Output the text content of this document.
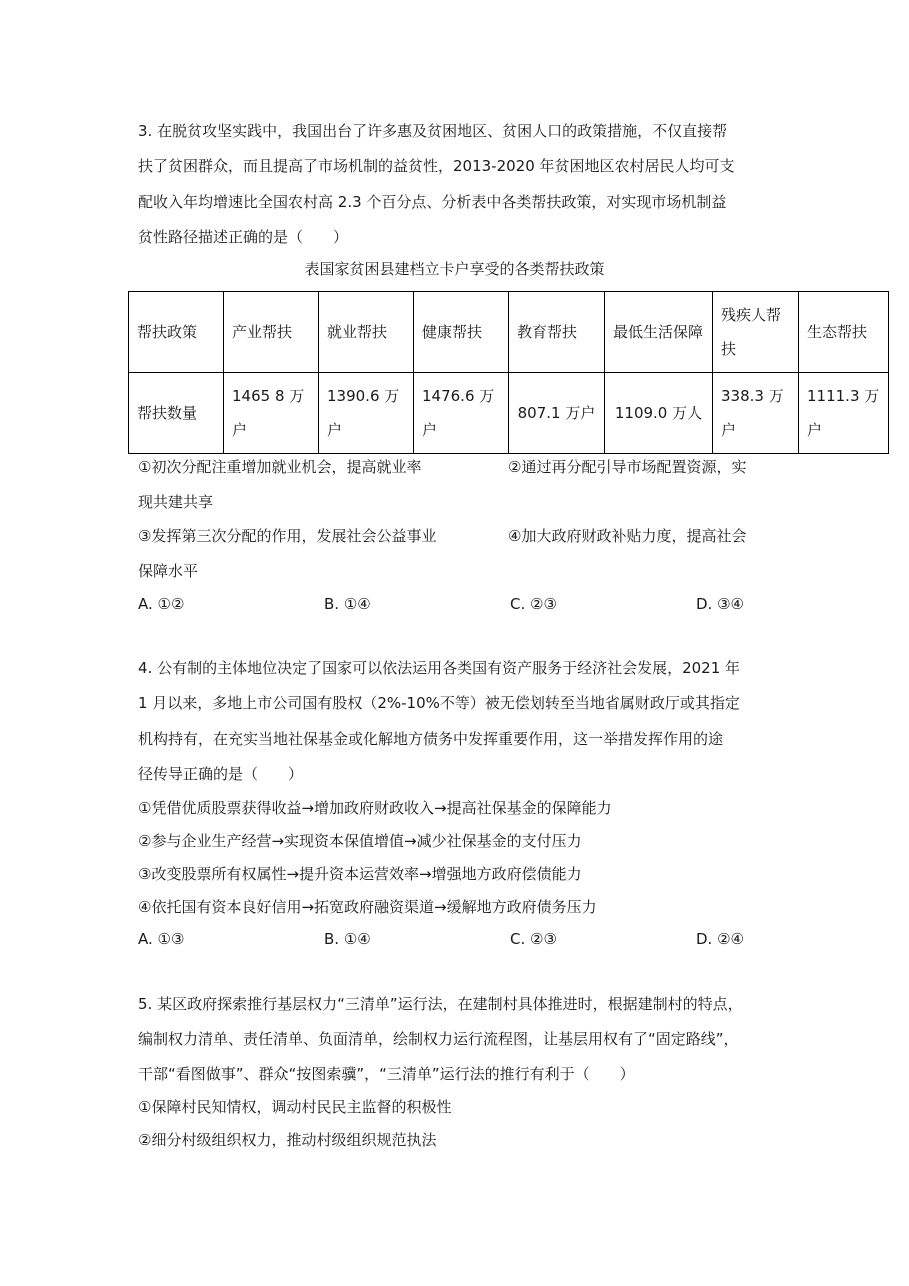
3. 在脱贫攻坚实践中，我国出台了许多惠及贫困地区、贫困人口的政策措施，不仅直接帮
扶了贫困群众，而且提高了市场机制的益贫性，2013-2020 年贫困地区农村居民人均可支
配收入年均增速比全国农村高 2.3 个百分点、分析表中各类帮扶政策，对实现市场机制益
贫性路径描述正确的是（　　）
表国家贫困县建档立卡户享受的各类帮扶政策
帮扶政策	产业帮扶	就业帮扶	健康帮扶	教育帮扶	最低生活保障	残疾人帮扶	生态帮扶
帮扶数量	1465 8 万户	1390.6 万户	1476.6 万户	807.1 万户	1109.0 万人	338.3 万户	1111.3 万户
①初次分配注重增加就业机会，提高就业率	②通过再分配引导市场配置资源，实
现共建共享
③发挥第三次分配的作用，发展社会公益事业	④加大政府财政补贴力度，提高社会
保障水平
A. ①②	B. ①④	C. ②③	D. ③④
4. 公有制的主体地位决定了国家可以依法运用各类国有资产服务于经济社会发展，2021 年
1 月以来，多地上市公司国有股权（2%-10%不等）被无偿划转至当地省属财政厅或其指定
机构持有，在充实当地社保基金或化解地方债务中发挥重要作用，这一举措发挥作用的途
径传导正确的是（　　）
①凭借优质股票获得收益→增加政府财政收入→提高社保基金的保障能力
②参与企业生产经营→实现资本保值增值→减少社保基金的支付压力
③改变股票所有权属性→提升资本运营效率→增强地方政府偿债能力
④依托国有资本良好信用→拓宽政府融资渠道→缓解地方政府债务压力
A. ①③	B. ①④	C. ②③	D. ②④
5. 某区政府探索推行基层权力“三清单”运行法，在建制村具体推进时，根据建制村的特点，
编制权力清单、责任清单、负面清单，绘制权力运行流程图，让基层用权有了“固定路线”，
干部“看图做事”、群众“按图索骥”，“三清单”运行法的推行有利于（　　）
①保障村民知情权，调动村民民主监督的积极性
②细分村级组织权力，推动村级组织规范执法
